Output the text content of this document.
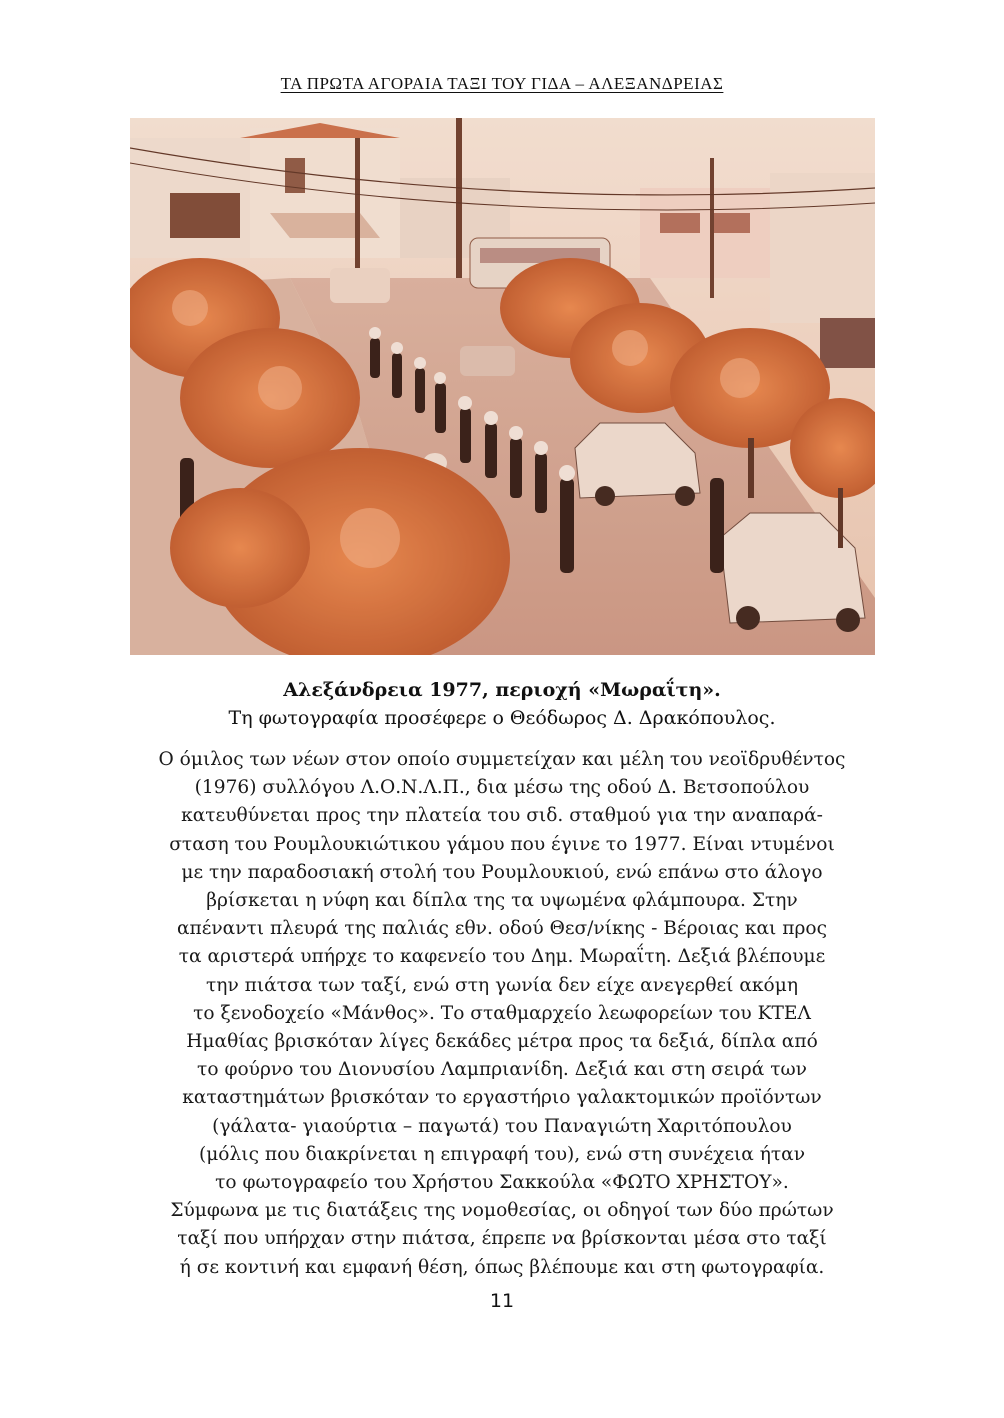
ΤΑ ΠΡΩΤΑ ΑΓΟΡΑΙΑ ΤΑΞΙ ΤΟΥ ΓΙΔΑ – ΑΛΕΞΑΝΔΡΕΙΑΣ
Αλεξάνδρεια 1977, περιοχή «Μωραΐτη».
Τη φωτογραφία προσέφερε ο Θεόδωρος Δ. Δρακόπουλος.
Ο όμιλος των νέων στον οποίο συμμετείχαν και μέλη του νεοϊδρυθέντος
(1976) συλλόγου Λ.Ο.Ν.Λ.Π., δια μέσω της οδού Δ. Βετσοπούλου
κατευθύνεται προς την πλατεία του σιδ. σταθμού για την αναπαρά-
σταση του Ρουμλουκιώτικου γάμου που έγινε το 1977. Είναι ντυμένοι
με την παραδοσιακή στολή του Ρουμλουκιού, ενώ επάνω στο άλογο
βρίσκεται η νύφη και δίπλα της τα υψωμένα φλάμπουρα. Στην
απέναντι πλευρά της παλιάς εθν. οδού Θεσ/νίκης - Βέροιας και προς
τα αριστερά υπήρχε το καφενείο του Δημ. Μωραΐτη. Δεξιά βλέπουμε
την πιάτσα των ταξί, ενώ στη γωνία δεν είχε ανεγερθεί ακόμη
το ξενοδοχείο «Μάνθος». Το σταθμαρχείο λεωφορείων του ΚΤΕΛ
Ημαθίας βρισκόταν λίγες δεκάδες μέτρα προς τα δεξιά, δίπλα από
το φούρνο του Διονυσίου Λαμπριανίδη. Δεξιά και στη σειρά των
καταστημάτων βρισκόταν το εργαστήριο γαλακτομικών προϊόντων
(γάλατα- γιαούρτια – παγωτά) του Παναγιώτη Χαριτόπουλου
(μόλις που διακρίνεται η επιγραφή του), ενώ στη συνέχεια ήταν
το φωτογραφείο του Χρήστου Σακκούλα «ΦΩΤΟ ΧΡΗΣΤΟΥ».
Σύμφωνα με τις διατάξεις της νομοθεσίας, οι οδηγοί των δύο πρώτων
ταξί που υπήρχαν στην πιάτσα, έπρεπε να βρίσκονται μέσα στο ταξί
ή σε κοντινή και εμφανή θέση, όπως βλέπουμε και στη φωτογραφία.
11
